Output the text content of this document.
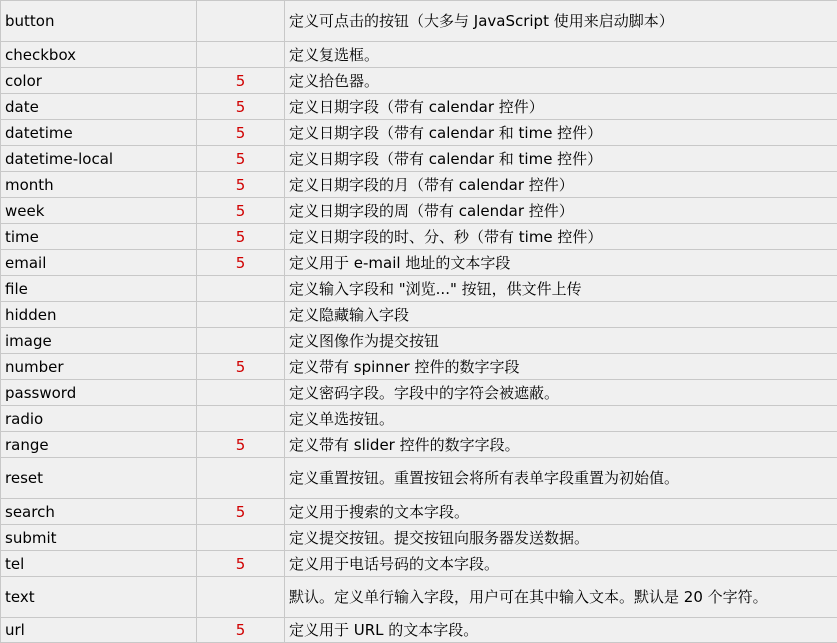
button		定义可点击的按钮（大多与 JavaScript 使用来启动脚本）
checkbox		定义复选框。
color	5	定义拾色器。
date	5	定义日期字段（带有 calendar 控件）
datetime	5	定义日期字段（带有 calendar 和 time 控件）
datetime-local	5	定义日期字段（带有 calendar 和 time 控件）
month	5	定义日期字段的月（带有 calendar 控件）
week	5	定义日期字段的周（带有 calendar 控件）
time	5	定义日期字段的时、分、秒（带有 time 控件）
email	5	定义用于 e-mail 地址的文本字段
file		定义输入字段和 "浏览..." 按钮，供文件上传
hidden		定义隐藏输入字段
image		定义图像作为提交按钮
number	5	定义带有 spinner 控件的数字字段
password		定义密码字段。字段中的字符会被遮蔽。
radio		定义单选按钮。
range	5	定义带有 slider 控件的数字字段。
reset		定义重置按钮。重置按钮会将所有表单字段重置为初始值。
search	5	定义用于搜索的文本字段。
submit		定义提交按钮。提交按钮向服务器发送数据。
tel	5	定义用于电话号码的文本字段。
text		默认。定义单行输入字段，用户可在其中输入文本。默认是 20 个字符。
url	5	定义用于 URL 的文本字段。
